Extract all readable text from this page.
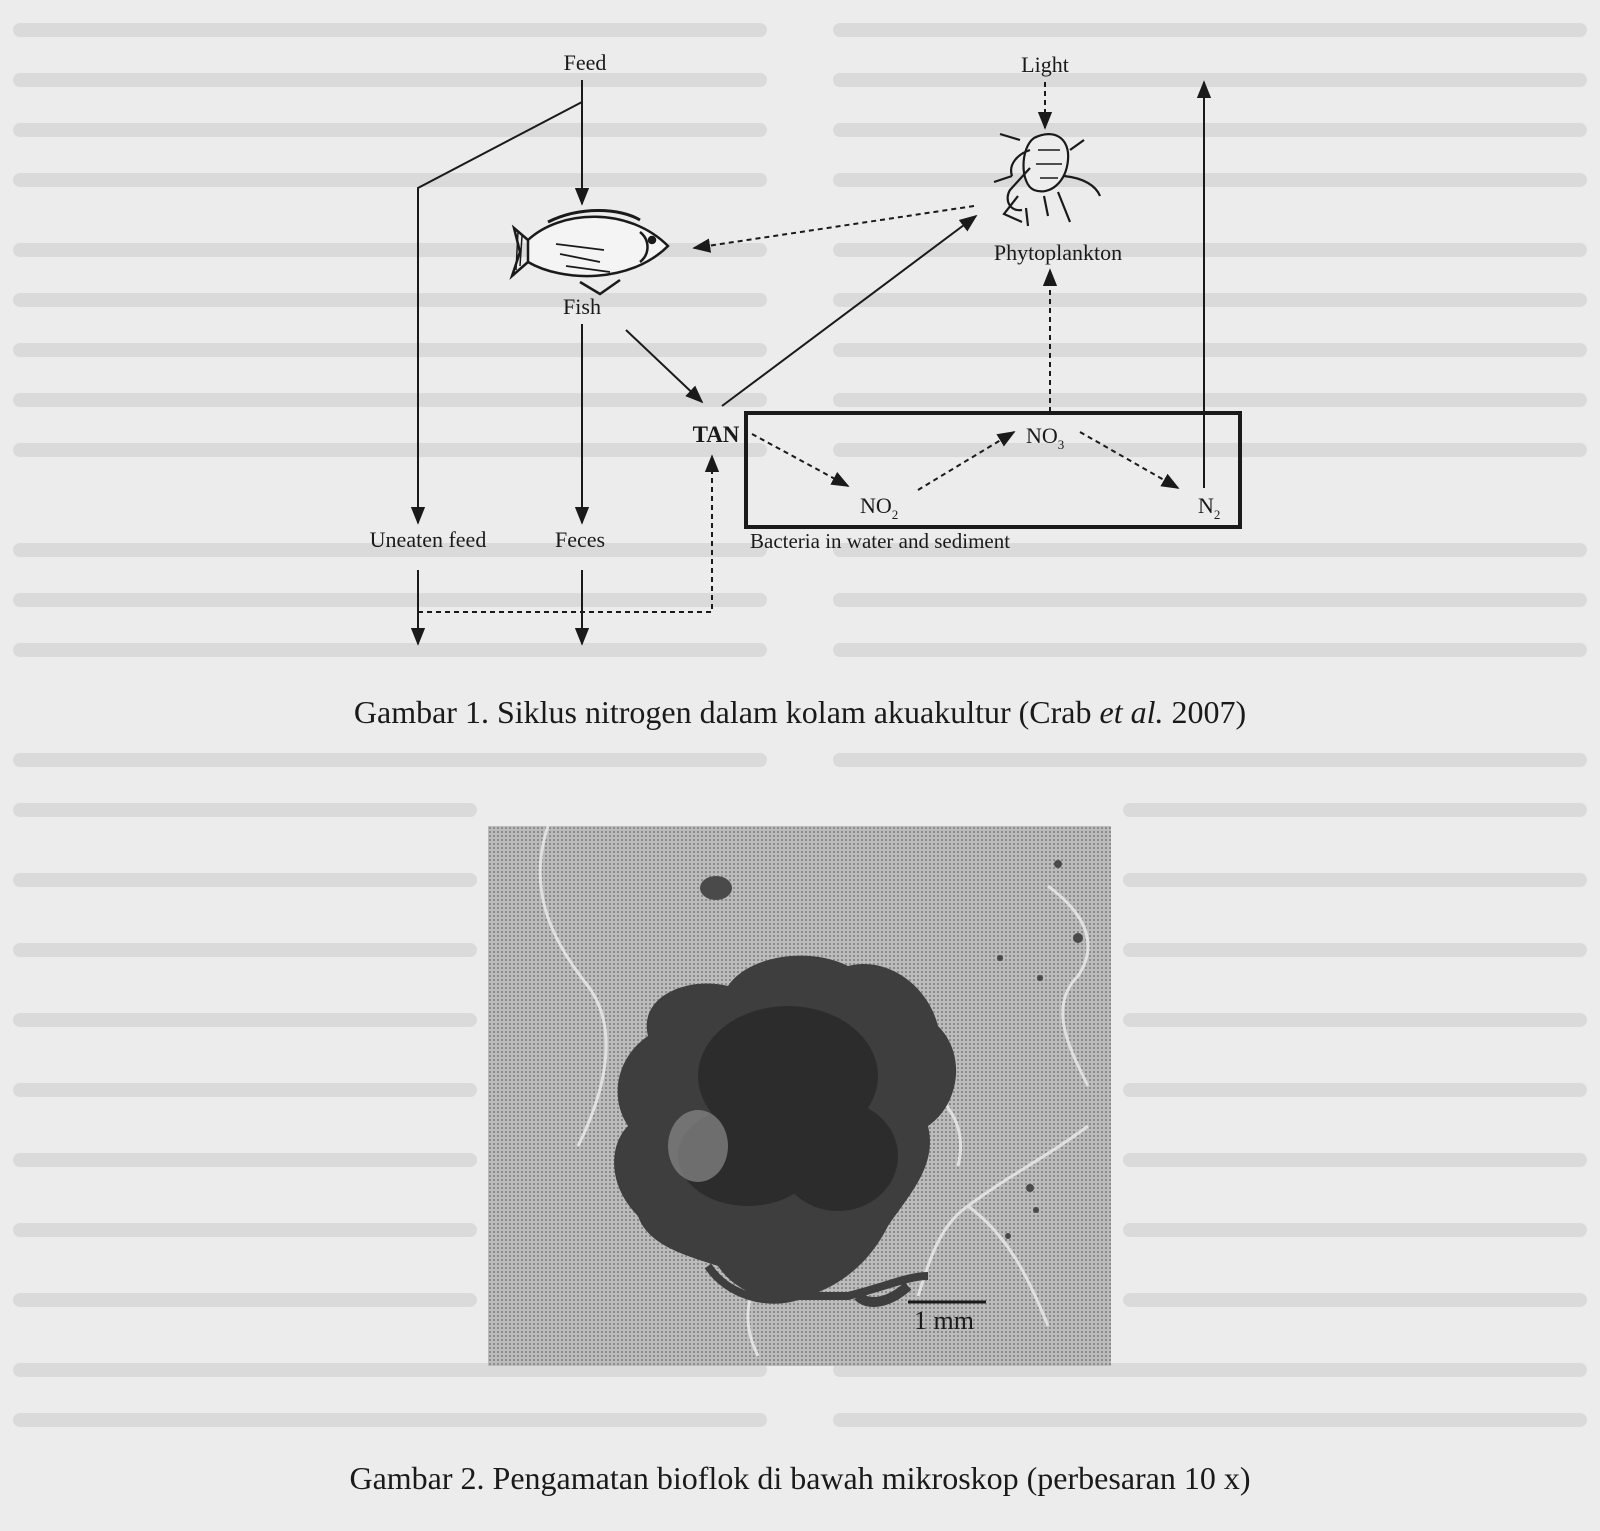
Feed	Light
Fish
Phytoplankton
TAN	$NO_3$
$NO_2$	$N_2$
Uneaten feed	Feces	Bacteria in water and sediment
Gambar 1. Siklus nitrogen dalam kolam akuakultur (Crab et al. 2007)
1 mm
Gambar 2. Pengamatan bioflok di bawah mikroskop (perbesaran 10 x)
